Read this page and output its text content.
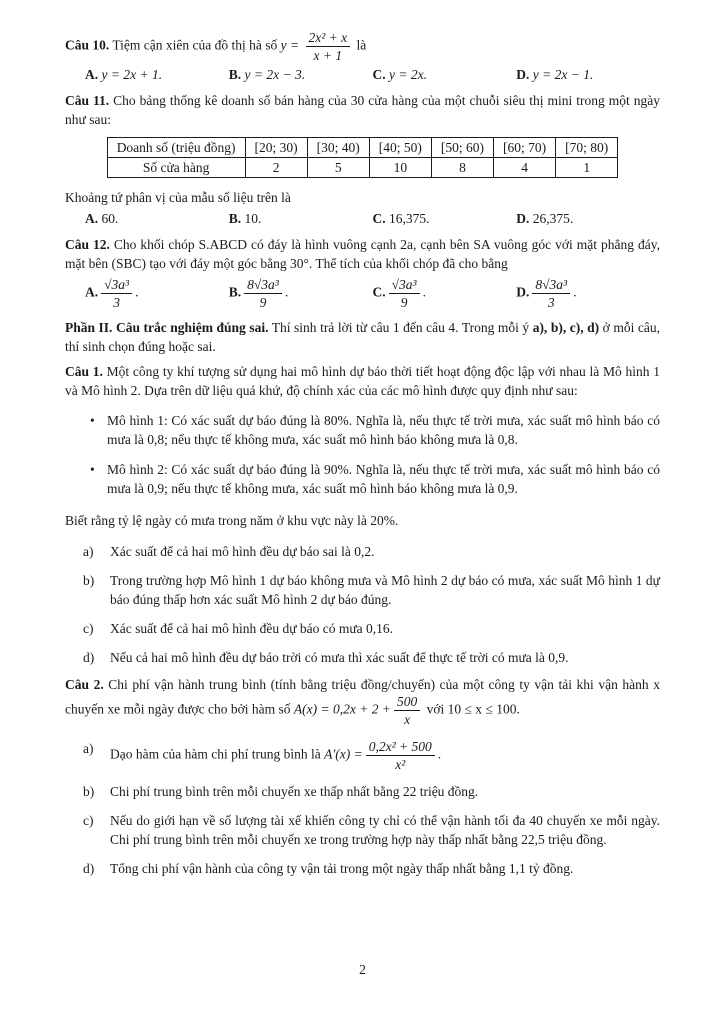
Câu 10. Tiệm cận xiên của đồ thị hà số $y = \frac{\text{2x² + x}}{x + 1}$ là

A. y = 2x + 1.	B. y = 2x − 3.	C. y = 2x.	D. y = 2x − 1.

Câu 11. Cho bảng thống kê doanh số bán hàng của 30 cửa hàng của một chuỗi siêu thị mini trong một ngày như sau:

Doanh số (triệu đồng)	[20; 30)	[30; 40)	[40; 50)	[50; 60)	[60; 70)	[70; 80)
Số cửa hàng	2	5	10	8	4	1

Khoảng tứ phân vị của mẫu số liệu trên là

A. 60.	B. 10.	C. 16,375.	D. 26,375.

Câu 12. Cho khối chóp S.ABCD có đáy là hình vuông cạnh 2a, cạnh bên SA vuông góc với mặt phẳng đáy, mặt bên (SBC) tạo với đáy một góc bằng 30°. Thể tích của khối chóp đã cho bằng

A. $\frac{\text{√3a³}}{3}$ .	B. $\frac{\text{8√3a³}}{9}$ .	C. $\frac{\text{√3a³}}{9}$ .	D. $\frac{\text{8√3a³}}{3}$ .

Phần II. Câu trắc nghiệm đúng sai. Thí sinh trả lời từ câu 1 đến câu 4. Trong mỗi ý a), b), c), d) ở mỗi câu, thí sinh chọn đúng hoặc sai.

Câu 1. Một công ty khí tượng sử dụng hai mô hình dự báo thời tiết hoạt động độc lập với nhau là Mô hình 1 và Mô hình 2. Dựa trên dữ liệu quá khứ, độ chính xác của các mô hình được quy định như sau:

• Mô hình 1: Có xác suất dự báo đúng là 80%. Nghĩa là, nếu thực tế trời mưa, xác suất mô hình báo có mưa là 0,8; nếu thực tế không mưa, xác suất mô hình báo không mưa là 0,8.
• Mô hình 2: Có xác suất dự báo đúng là 90%. Nghĩa là, nếu thực tế trời mưa, xác suất mô hình báo có mưa là 0,9; nếu thực tế không mưa, xác suất mô hình báo không mưa là 0,9.

Biết rằng tỷ lệ ngày có mưa trong năm ở khu vực này là 20%.

a)	Xác suất để cả hai mô hình đều dự báo sai là 0,2.
b)	Trong trường hợp Mô hình 1 dự báo không mưa và Mô hình 2 dự báo có mưa, xác suất Mô hình 1 dự báo đúng thấp hơn xác suất Mô hình 2 dự báo đúng.
c)	Xác suất để cả hai mô hình đều dự báo có mưa 0,16.
d)	Nếu cả hai mô hình đều dự báo trời có mưa thì xác suất để thực tế trời có mưa là 0,9.

Câu 2. Chi phí vận hành trung bình (tính bằng triệu đồng/chuyến) của một công ty vận tải khi vận hành x chuyến xe mỗi ngày được cho bởi hàm số $A(x) = 0,2x + 2 + \frac{500}{x}$ với 10 ≤ x ≤ 100.

a)	Dạo hàm của hàm chi phí trung bình là $A'(x) = \frac{\text{0,2x² + 500}}{\text{x²}}$ .
b)	Chi phí trung bình trên mỗi chuyến xe thấp nhất bằng 22 triệu đồng.
c)	Nếu do giới hạn về số lượng tài xế khiến công ty chỉ có thể vận hành tối đa 40 chuyến xe mỗi ngày. Chi phí trung bình trên mỗi chuyến xe trong trường hợp này thấp nhất bằng 22,5 triệu đồng.
d)	Tổng chi phí vận hành của công ty vận tải trong một ngày thấp nhất bằng 1,1 tỷ đồng.
2
